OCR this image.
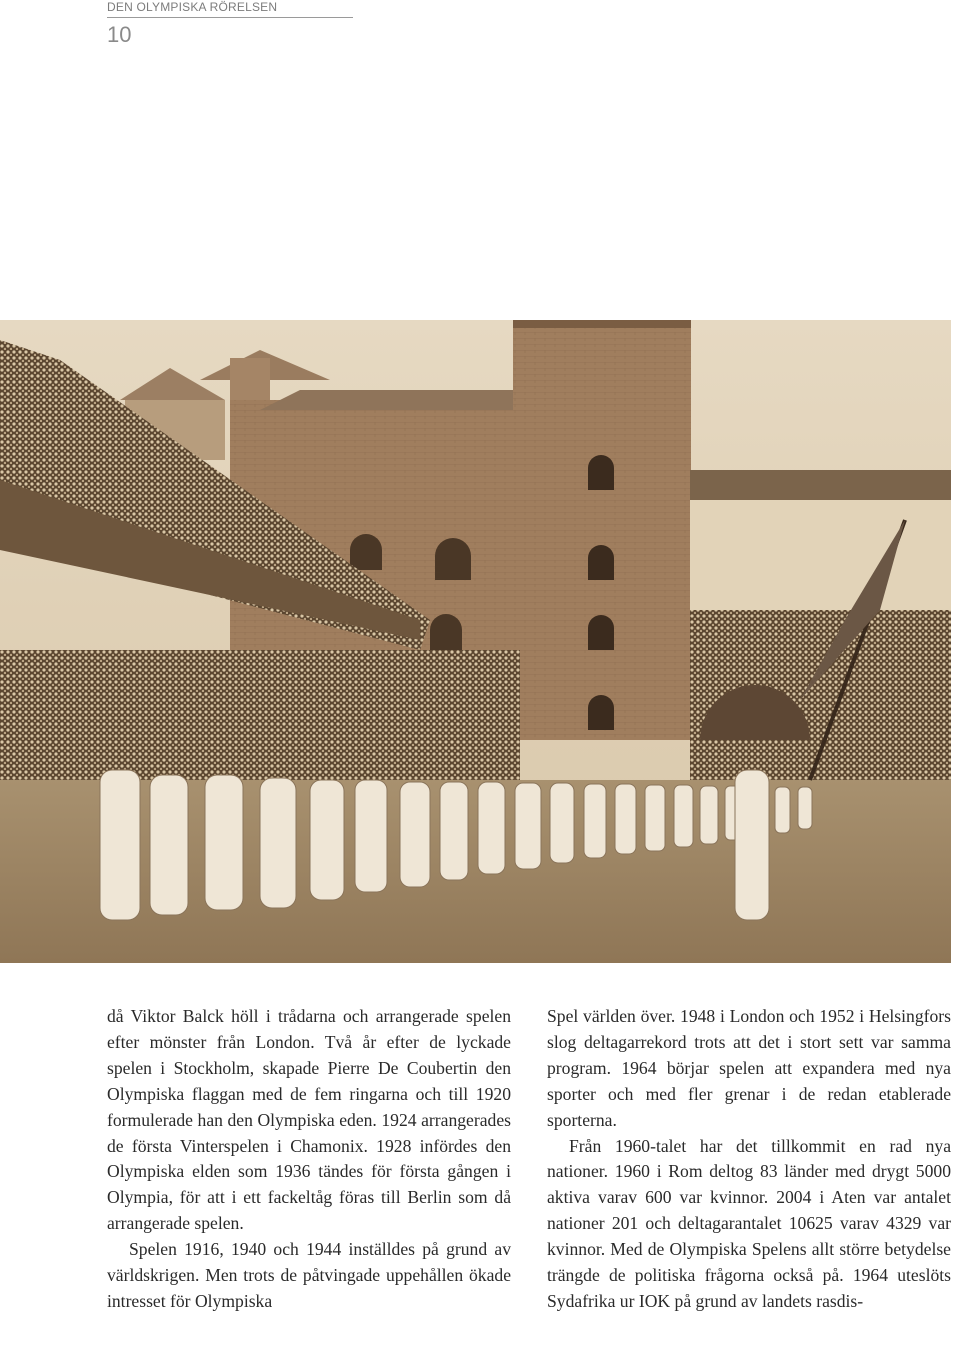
DEN OLYMPISKA RÖRELSEN
10

då Viktor Balck höll i trådarna och arrangerade spelen efter mönster från London. Två år efter de lyckade spelen i Stockholm, skapade Pierre De Coubertin den Olympiska flaggan med de fem ringarna och till 1920 formulerade han den Olympiska eden. 1924 arrangerades de första Vinterspelen i Chamonix. 1928 infördes den Olympiska elden som 1936 tändes för första gången i Olympia, för att i ett fackeltåg föras till Berlin som då arrangerade spelen.

Spelen 1916, 1940 och 1944 inställdes på grund av världskrigen. Men trots de påtvingade uppehållen ökade intresset för Olympiska

Spel världen över. 1948 i London och 1952 i Helsingfors slog deltagarrekord trots att det i stort sett var samma program. 1964 börjar spelen att expandera med nya sporter och med fler grenar i de redan etablerade sporterna.

Från 1960-talet har det tillkommit en rad nya nationer. 1960 i Rom deltog 83 länder med drygt 5000 aktiva varav 600 var kvinnor. 2004 i Aten var antalet nationer 201 och deltagarantalet 10625 varav 4329 var kvinnor. Med de Olympiska Spelens allt större betydelse trängde de politiska frågorna också på. 1964 uteslöts Sydafrika ur IOK på grund av landets rasdis-
